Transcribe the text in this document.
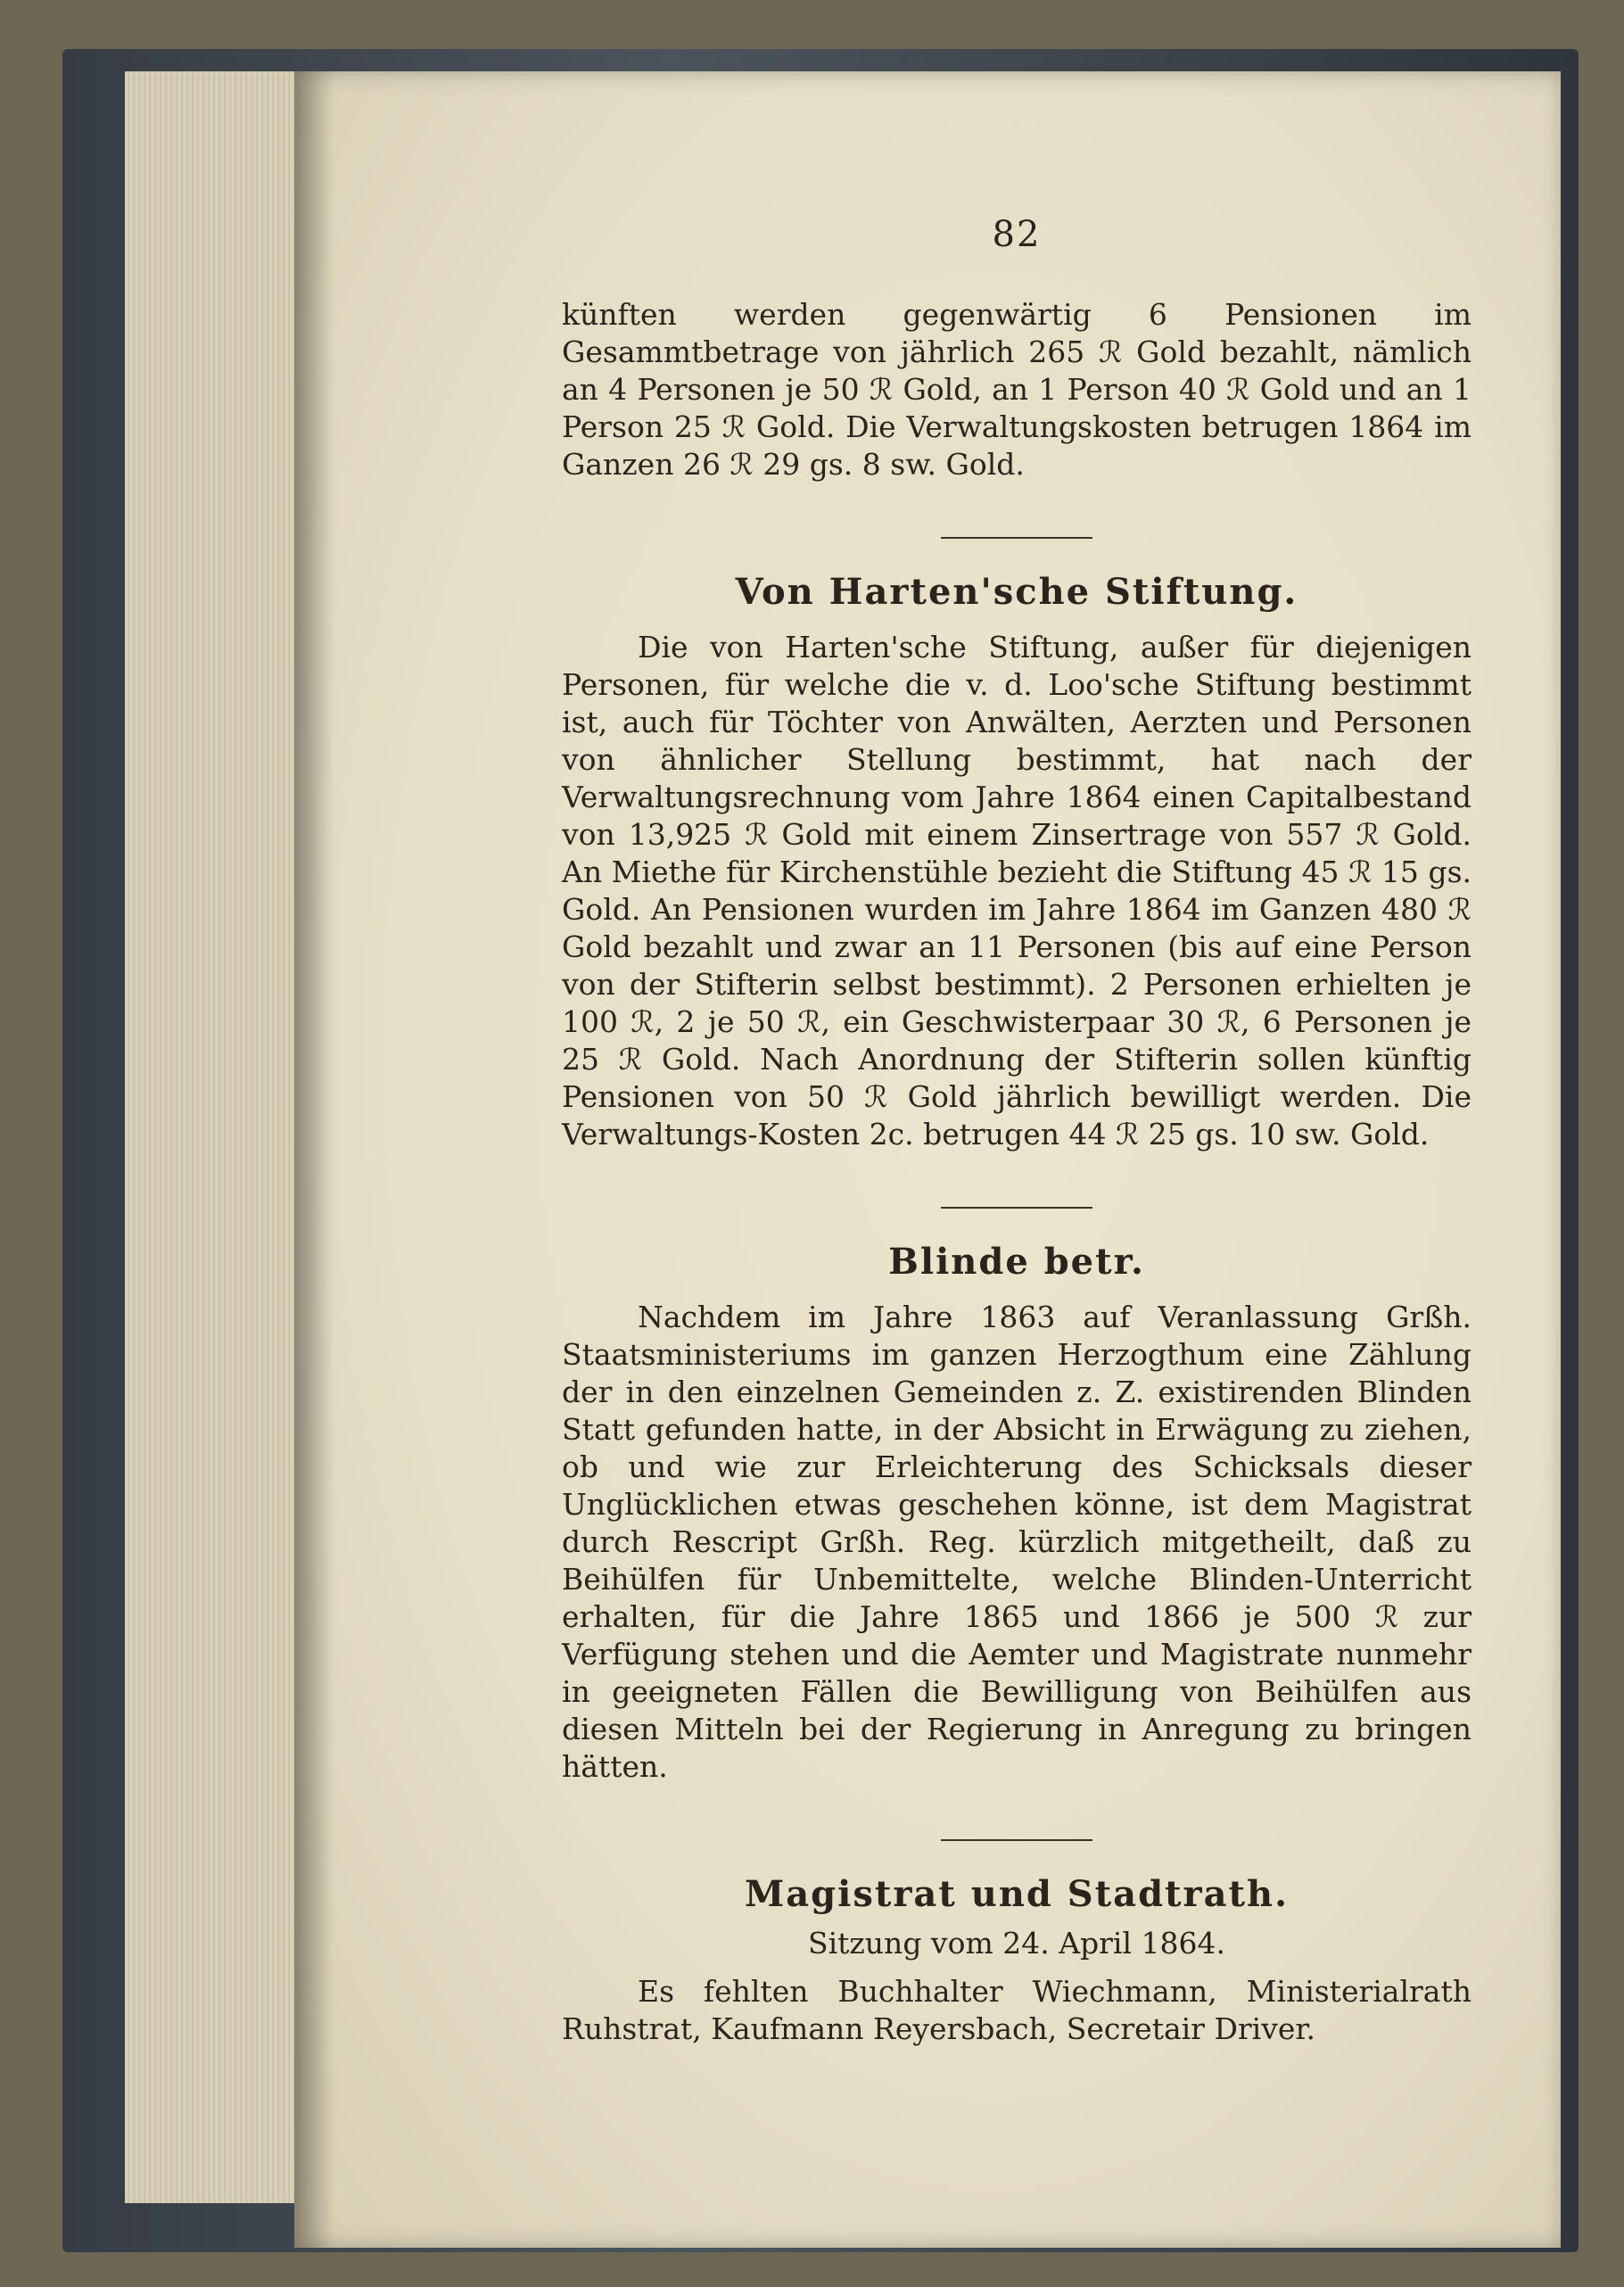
82

künften werden gegenwärtig 6 Pensionen im Gesammtbetrage von jährlich 265 ℛ Gold bezahlt, nämlich an 4 Personen je 50 ℛ Gold, an 1 Person 40 ℛ Gold und an 1 Person 25 ℛ Gold. Die Verwaltungskosten betrugen 1864 im Ganzen 26 ℛ 29 gs. 8 sw. Gold.

Von Harten'sche Stiftung.

Die von Harten'sche Stiftung, außer für diejenigen Personen, für welche die v. d. Loo'sche Stiftung bestimmt ist, auch für Töchter von Anwälten, Aerzten und Personen von ähnlicher Stellung bestimmt, hat nach der Verwaltungsrechnung vom Jahre 1864 einen Capitalbestand von 13,925 ℛ Gold mit einem Zinsertrage von 557 ℛ Gold. An Miethe für Kirchenstühle bezieht die Stiftung 45 ℛ 15 gs. Gold. An Pensionen wurden im Jahre 1864 im Ganzen 480 ℛ Gold bezahlt und zwar an 11 Personen (bis auf eine Person von der Stifterin selbst bestimmt). 2 Personen erhielten je 100 ℛ, 2 je 50 ℛ, ein Geschwisterpaar 30 ℛ, 6 Personen je 25 ℛ Gold. Nach Anordnung der Stifterin sollen künftig Pensionen von 50 ℛ Gold jährlich bewilligt werden. Die Verwaltungs-Kosten 2c. betrugen 44 ℛ 25 gs. 10 sw. Gold.

Blinde betr.

Nachdem im Jahre 1863 auf Veranlassung Grßh. Staatsministeriums im ganzen Herzogthum eine Zählung der in den einzelnen Gemeinden z. Z. existirenden Blinden Statt gefunden hatte, in der Absicht in Erwägung zu ziehen, ob und wie zur Erleichterung des Schicksals dieser Unglücklichen etwas geschehen könne, ist dem Magistrat durch Rescript Grßh. Reg. kürzlich mitgetheilt, daß zu Beihülfen für Unbemittelte, welche Blinden-Unterricht erhalten, für die Jahre 1865 und 1866 je 500 ℛ zur Verfügung stehen und die Aemter und Magistrate nunmehr in geeigneten Fällen die Bewilligung von Beihülfen aus diesen Mitteln bei der Regierung in Anregung zu bringen hätten.

Magistrat und Stadtrath.
Sitzung vom 24. April 1864.

Es fehlten Buchhalter Wiechmann, Ministerialrath Ruhstrat, Kaufmann Reyersbach, Secretair Driver.
